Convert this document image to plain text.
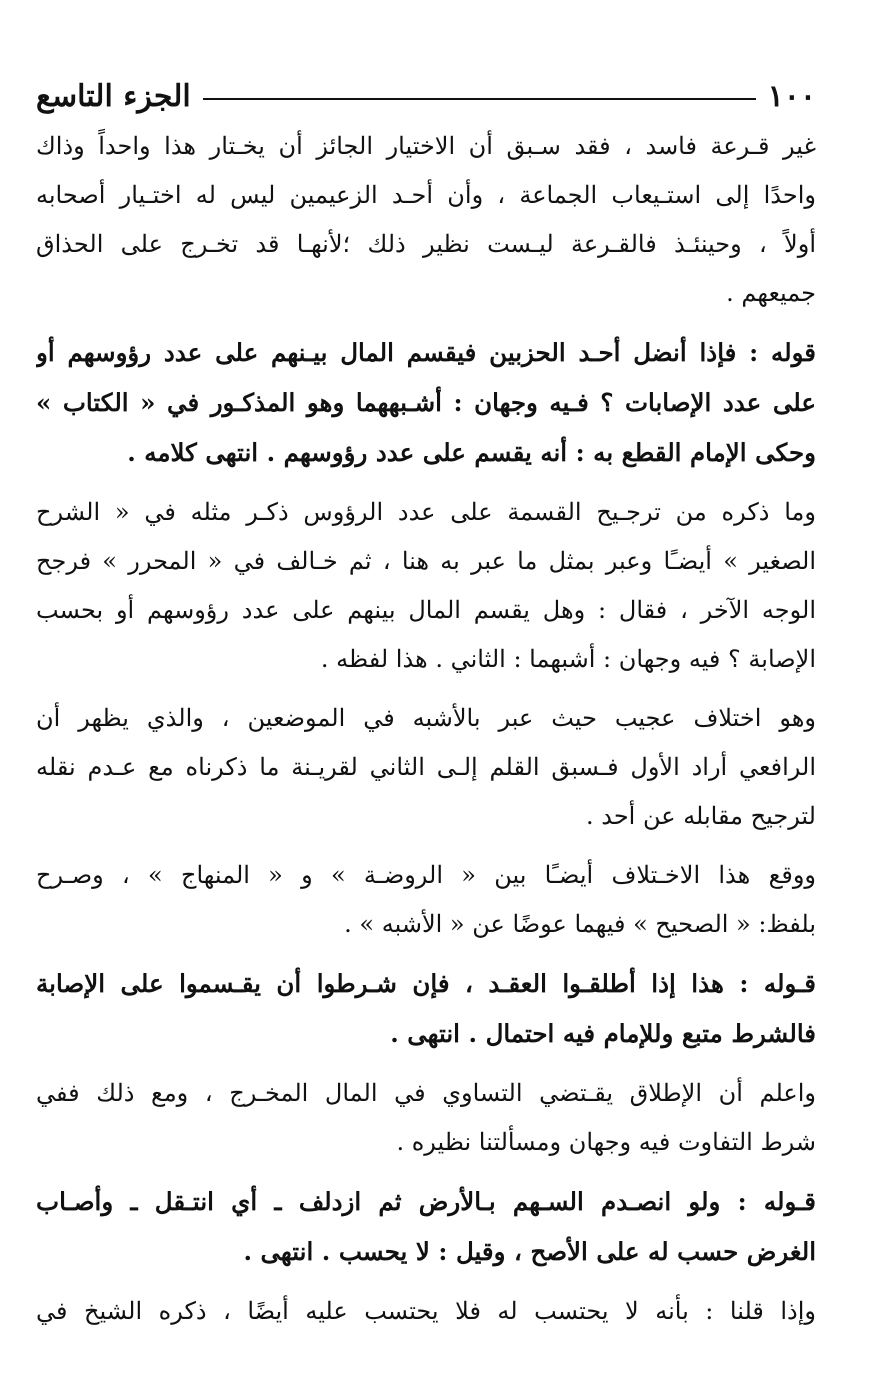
١٠٠
الجزء التاسع

غير قـرعة فاسد ، فقد سـبق أن الاختيار الجائز أن يخـتار هذا واحداً وذاك
واحدًا إلى استـيعاب الجماعة ، وأن أحـد الزعيمين ليس له اختـيار أصحابه
أولاً ، وحينئـذ فالقـرعة ليـست نظير ذلك ؛لأنهـا قد تخـرج على الحذاق
جميعهم .

قوله : فإذا أنضل أحـد الحزبين فيقسم المال بيـنهم على عدد رؤوسهم أو
على عدد الإصابات ؟ فـيه وجهان : أشـبههما وهو المذكـور في « الكتاب »
وحكى الإمام القطع به : أنه يقسم على عدد رؤوسهم . انتهى كلامه .

وما ذكره من ترجـيح القسمة على عدد الرؤوس ذكـر مثله في « الشرح
الصغير » أيضـًا وعبر بمثل ما عبر به هنا ، ثم خـالف في « المحرر » فرجح
الوجه الآخر ، فقال : وهل يقسم المال بينهم على عدد رؤوسهم أو بحسب
الإصابة ؟ فيه وجهان : أشبهما : الثاني . هذا لفظه .

وهو اختلاف عجيب حيث عبر بالأشبه في الموضعين ، والذي يظهر أن
الرافعي أراد الأول فـسبق القلم إلـى الثاني لقريـنة ما ذكرناه مع عـدم نقله
لترجيح مقابله عن أحد .

ووقع هذا الاخـتلاف أيضـًا بين « الروضـة » و « المنهاج » ، وصـرح
بلفظ: « الصحيح » فيهما عوضًا عن « الأشبه » .

قـوله : هذا إذا أطلقـوا العقـد ، فإن شـرطوا أن يقـسموا على الإصابة
فالشرط متبع وللإمام فيه احتمال . انتهى .

واعلم أن الإطلاق يقـتضي التساوي في المال المخـرج ، ومع ذلك ففي
شرط التفاوت فيه وجهان ومسألتنا نظيره .

قـوله : ولو انصـدم السـهم بـالأرض ثم ازدلف ـ أي انتـقل ـ وأصـاب
الغرض حسب له على الأصح ، وقيل : لا يحسب . انتهى .

وإذا قلنا : بأنه لا يحتسب له فلا يحتسب عليه أيضًا ، ذكره الشيخ في
